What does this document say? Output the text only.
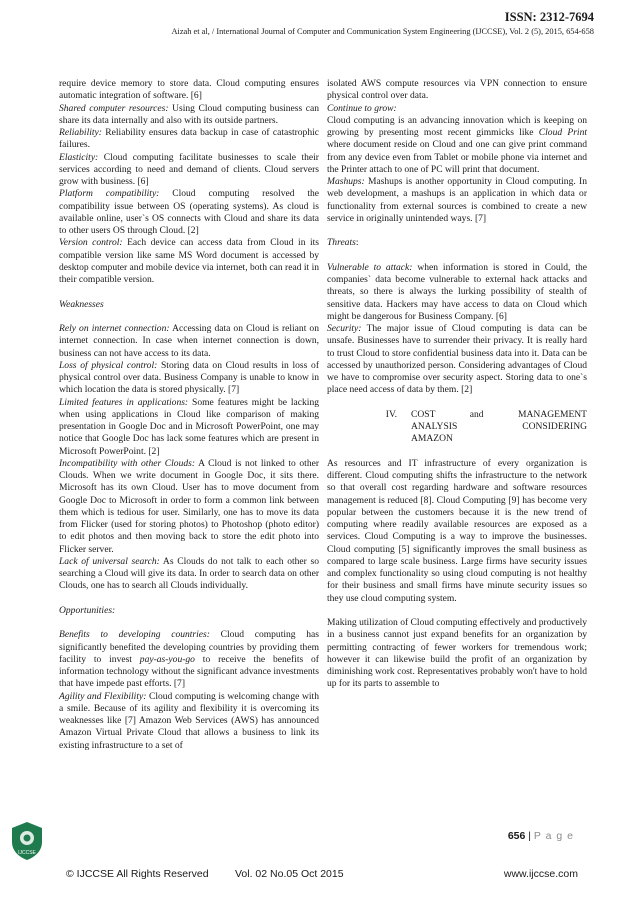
ISSN: 2312-7694
Aizah et al, / International Journal of Computer and Communication System Engineering (IJCCSE), Vol. 2 (5), 2015, 654-658

require device memory to store data. Cloud computing ensures automatic integration of software. [6]

Shared computer resources: Using Cloud computing business can share its data internally and also with its outside partners.

Reliability: Reliability ensures data backup in case of catastrophic failures.

Elasticity: Cloud computing facilitate businesses to scale their services according to need and demand of clients. Cloud servers grow with business. [6]

Platform compatibility: Cloud computing resolved the compatibility issue between OS (operating systems). As cloud is available online, user`s OS connects with Cloud and share its data to other users OS through Cloud. [2]

Version control: Each device can access data from Cloud in its compatible version like same MS Word document is accessed by desktop computer and mobile device via internet, both can read it in their compatible version.

Weaknesses

Rely on internet connection: Accessing data on Cloud is reliant on internet connection. In case when internet connection is down, business can not have access to its data.

Loss of physical control: Storing data on Cloud results in loss of physical control over data. Business Company is unable to know in which location the data is stored physically. [7]

Limited features in applications: Some features might be lacking when using applications in Cloud like comparison of making presentation in Google Doc and in Microsoft PowerPoint, one may notice that Google Doc has lack some features which are present in Microsoft PowerPoint. [2]

Incompatibility with other Clouds: A Cloud is not linked to other Clouds. When we write document in Google Doc, it sits there. Microsoft has its own Cloud. User has to move document from Google Doc to Microsoft in order to form a common link between them which is tedious for user. Similarly, one has to move its data from Flicker (used for storing photos) to Photoshop (photo editor) to edit photos and then moving back to store the edit photo into Flicker server.

Lack of universal search: As Clouds do not talk to each other so searching a Cloud will give its data. In order to search data on other Clouds, one has to search all Clouds individually.

Opportunities:

Benefits to developing countries: Cloud computing has significantly benefited the developing countries by providing them facility to invest pay-as-you-go to receive the benefits of information technology without the significant advance investments that have impede past efforts. [7]

Agility and Flexibility: Cloud computing is welcoming change with a smile. Because of its agility and flexibility it is overcoming its weaknesses like [7] Amazon Web Services (AWS) has announced Amazon Virtual Private Cloud that allows a business to link its existing infrastructure to a set of

isolated AWS compute resources via VPN connection to ensure physical control over data.

Continue to grow:

Cloud computing is an advancing innovation which is keeping on growing by presenting most recent gimmicks like Cloud Print where document reside on Cloud and one can give print command from any device even from Tablet or mobile phone via internet and the Printer attach to one of PC will print that document.

Mashups: Mashups is another opportunity in Cloud computing. In web development, a mashups is an application in which data or functionality from external sources is combined to create a new service in originally unintended ways. [7]

Threats:

Vulnerable to attack: when information is stored in Could, the companies` data become vulnerable to external hack attacks and threats, so there is always the lurking possibility of stealth of sensitive data. Hackers may have access to data on Cloud which might be dangerous for Business Company. [6]

Security: The major issue of Cloud computing is data can be unsafe. Businesses have to surrender their privacy. It is really hard to trust Cloud to store confidential business data into it. Data can be accessed by unauthorized person. Considering advantages of Cloud we have to compromise over security aspect. Storing data to one`s place need access of data by them. [2]

IV.	COST and MANAGEMENT
ANALYSIS CONSIDERING
AMAZON

As resources and IT infrastructure of every organization is different. Cloud computing shifts the infrastructure to the network so that overall cost regarding hardware and software resources management is reduced [8]. Cloud Computing [9] has become very popular between the customers because it is the new trend of computing where readily available resources are exposed as a services. Cloud Computing is a way to improve the businesses. Cloud computing [5] significantly improves the small business as compared to large scale business. Large firms have security issues and complex functionality so using cloud computing is not healthy for their business and small firms have minute security issues so they use cloud computing system.

Making utilization of Cloud computing effectively and productively in a business cannot just expand benefits for an organization by permitting contracting of fewer workers for tremendous work; however it can likewise build the profit of an organization by diminishing work cost. Representatives probably won't have to hold up for its parts to assemble to

IJCCSE
656 | P a g e
© IJCCSE All Rights Reserved	Vol. 02 No.05 Oct 2015	www.ijccse.com
